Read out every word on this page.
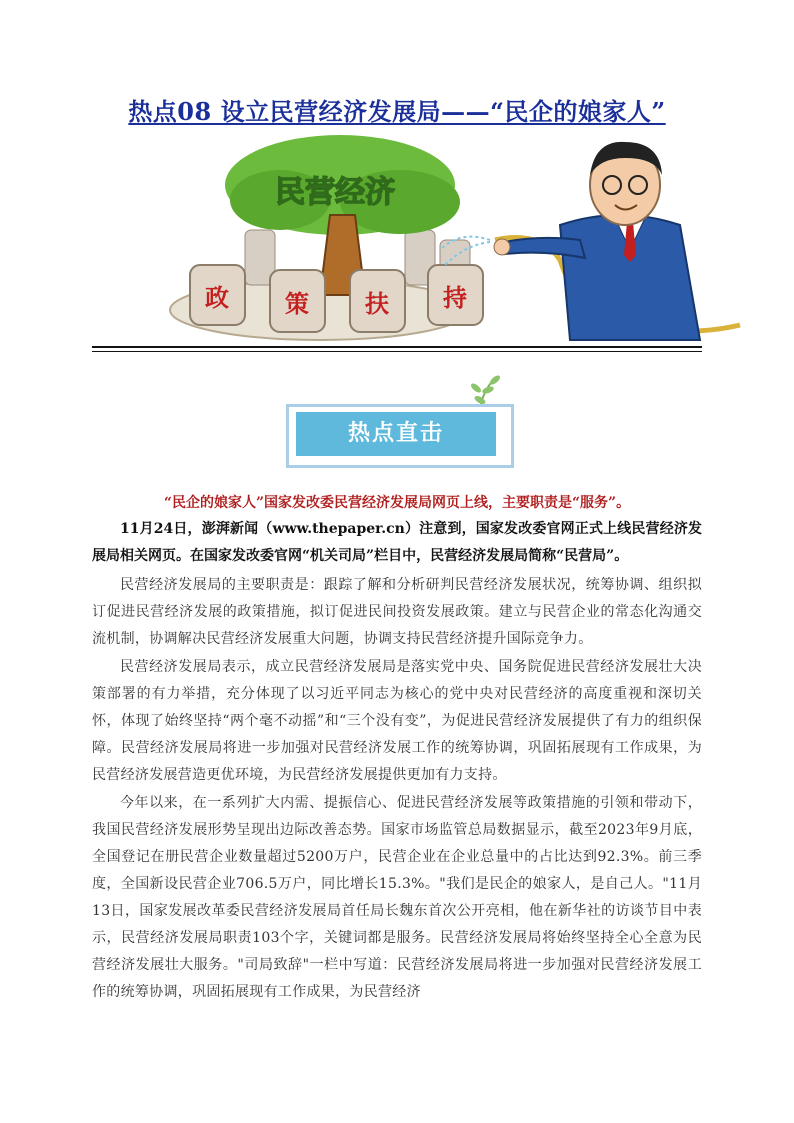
热点08 设立民营经济发展局——“民企的娘家人”
民营经济
政 策 扶 持
热点直击
“民企的娘家人”国家发改委民营经济发展局网页上线，主要职责是“服务”。

11月24日，澎湃新闻（www.thepaper.cn）注意到，国家发改委官网正式上线民营经济发展局相关网页。在国家发改委官网“机关司局”栏目中，民营经济发展局简称“民营局”。

民营经济发展局的主要职责是：跟踪了解和分析研判民营经济发展状况，统筹协调、组织拟订促进民营经济发展的政策措施，拟订促进民间投资发展政策。建立与民营企业的常态化沟通交流机制，协调解决民营经济发展重大问题，协调支持民营经济提升国际竞争力。

民营经济发展局表示，成立民营经济发展局是落实党中央、国务院促进民营经济发展壮大决策部署的有力举措，充分体现了以习近平同志为核心的党中央对民营经济的高度重视和深切关怀，体现了始终坚持“两个毫不动摇”和“三个没有变”，为促进民营经济发展提供了有力的组织保障。民营经济发展局将进一步加强对民营经济发展工作的统筹协调，巩固拓展现有工作成果，为民营经济发展营造更优环境，为民营经济发展提供更加有力支持。

今年以来，在一系列扩大内需、提振信心、促进民营经济发展等政策措施的引领和带动下，我国民营经济发展形势呈现出边际改善态势。国家市场监管总局数据显示，截至2023年9月底，全国登记在册民营企业数量超过5200万户，民营企业在企业总量中的占比达到92.3%。前三季度，全国新设民营企业706.5万户，同比增长15.3%。"我们是民企的娘家人，是自己人。"11月13日，国家发展改革委民营经济发展局首任局长魏东首次公开亮相，他在新华社的访谈节目中表示，民营经济发展局职责103个字，关键词都是服务。民营经济发展局将始终坚持全心全意为民营经济发展壮大服务。"司局致辞"一栏中写道：民营经济发展局将进一步加强对民营经济发展工作的统筹协调，巩固拓展现有工作成果，为民营经济
